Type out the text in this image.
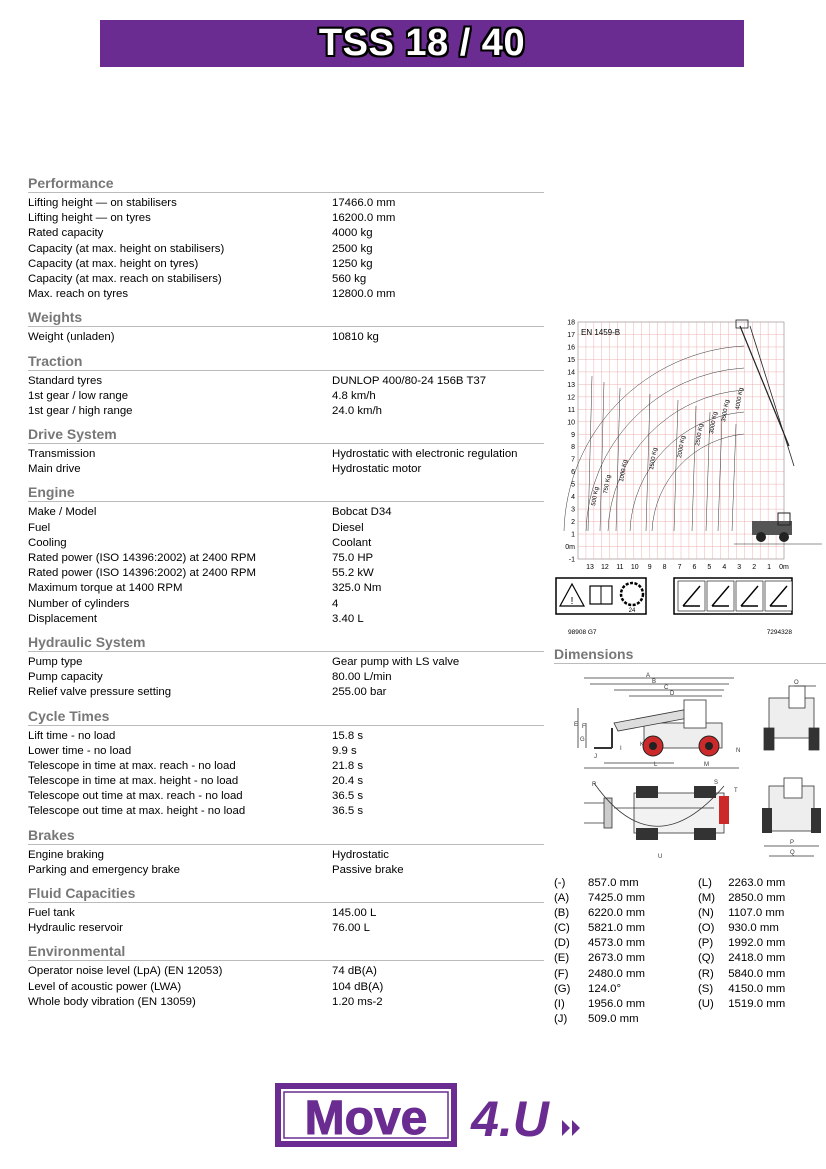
TSS 18 / 40
Performance
Lifting height — on stabilisers	17466.0 mm
Lifting height — on tyres	16200.0 mm
Rated capacity	4000 kg
Capacity (at max. height on stabilisers)	2500 kg
Capacity (at max. height on tyres)	1250 kg
Capacity (at max. reach on stabilisers)	560 kg
Max. reach on tyres	12800.0 mm
Weights
Weight (unladen)	10810 kg
Traction
Standard tyres	DUNLOP 400/80-24 156B T37
1st gear / low range	4.8 km/h
1st gear / high range	24.0 km/h
Drive System
Transmission	Hydrostatic with electronic regulation
Main drive	Hydrostatic motor
Engine
Make / Model	Bobcat D34
Fuel	Diesel
Cooling	Coolant
Rated power (ISO 14396:2002) at 2400 RPM	75.0 HP
Rated power (ISO 14396:2002) at 2400 RPM	55.2 kW
Maximum torque at 1400 RPM	325.0 Nm
Number of cylinders	4
Displacement	3.40 L
Hydraulic System
Pump type	Gear pump with LS valve
Pump capacity	80.00 L/min
Relief valve pressure setting	255.00 bar
Cycle Times
Lift time - no load	15.8 s
Lower time - no load	9.9 s
Telescope in time at max. reach - no load	21.8 s
Telescope in time at max. height - no load	20.4 s
Telescope out time at max. reach - no load	36.5 s
Telescope out time at max. height - no load	36.5 s
Brakes
Engine braking	Hydrostatic
Parking and emergency brake	Passive brake
Fluid Capacities
Fuel tank	145.00 L
Hydraulic reservoir	76.00 L
Environmental
Operator noise level (LpA) (EN 12053)	74 dB(A)
Level of acoustic power (LWA)	104 dB(A)
Whole body vibration (EN 13059)	1.20 ms-2
18
17
16
15
14
13
12
11
10
9
8
7
6
5
4
3
2
1
0m
-1
13 12 11 10 9 8 7 6 5 4 3 2 1 0m
EN 1459-B
500 Kg
750 Kg
1000 Kg
1500 Kg
2000 Kg
2500 Kg
3000 Kg
3500 Kg
4000 Kg
!
24
98908 G7	7294328
Dimensions
A
B
C
D
E F
G
I
J
K
L	M
N
O
P
Q
R	S
T
U
(-)	857.0 mm
(A)	7425.0 mm
(B)	6220.0 mm
(C)	5821.0 mm
(D)	4573.0 mm
(E)	2673.0 mm
(F)	2480.0 mm
(G)	124.0°
(I)	1956.0 mm
(J)	509.0 mm
(L)	2263.0 mm
(M)	2850.0 mm
(N)	1107.0 mm
(O)	930.0 mm
(P)	1992.0 mm
(Q)	2418.0 mm
(R)	5840.0 mm
(S)	4150.0 mm
(U)	1519.0 mm
Move 4.U
